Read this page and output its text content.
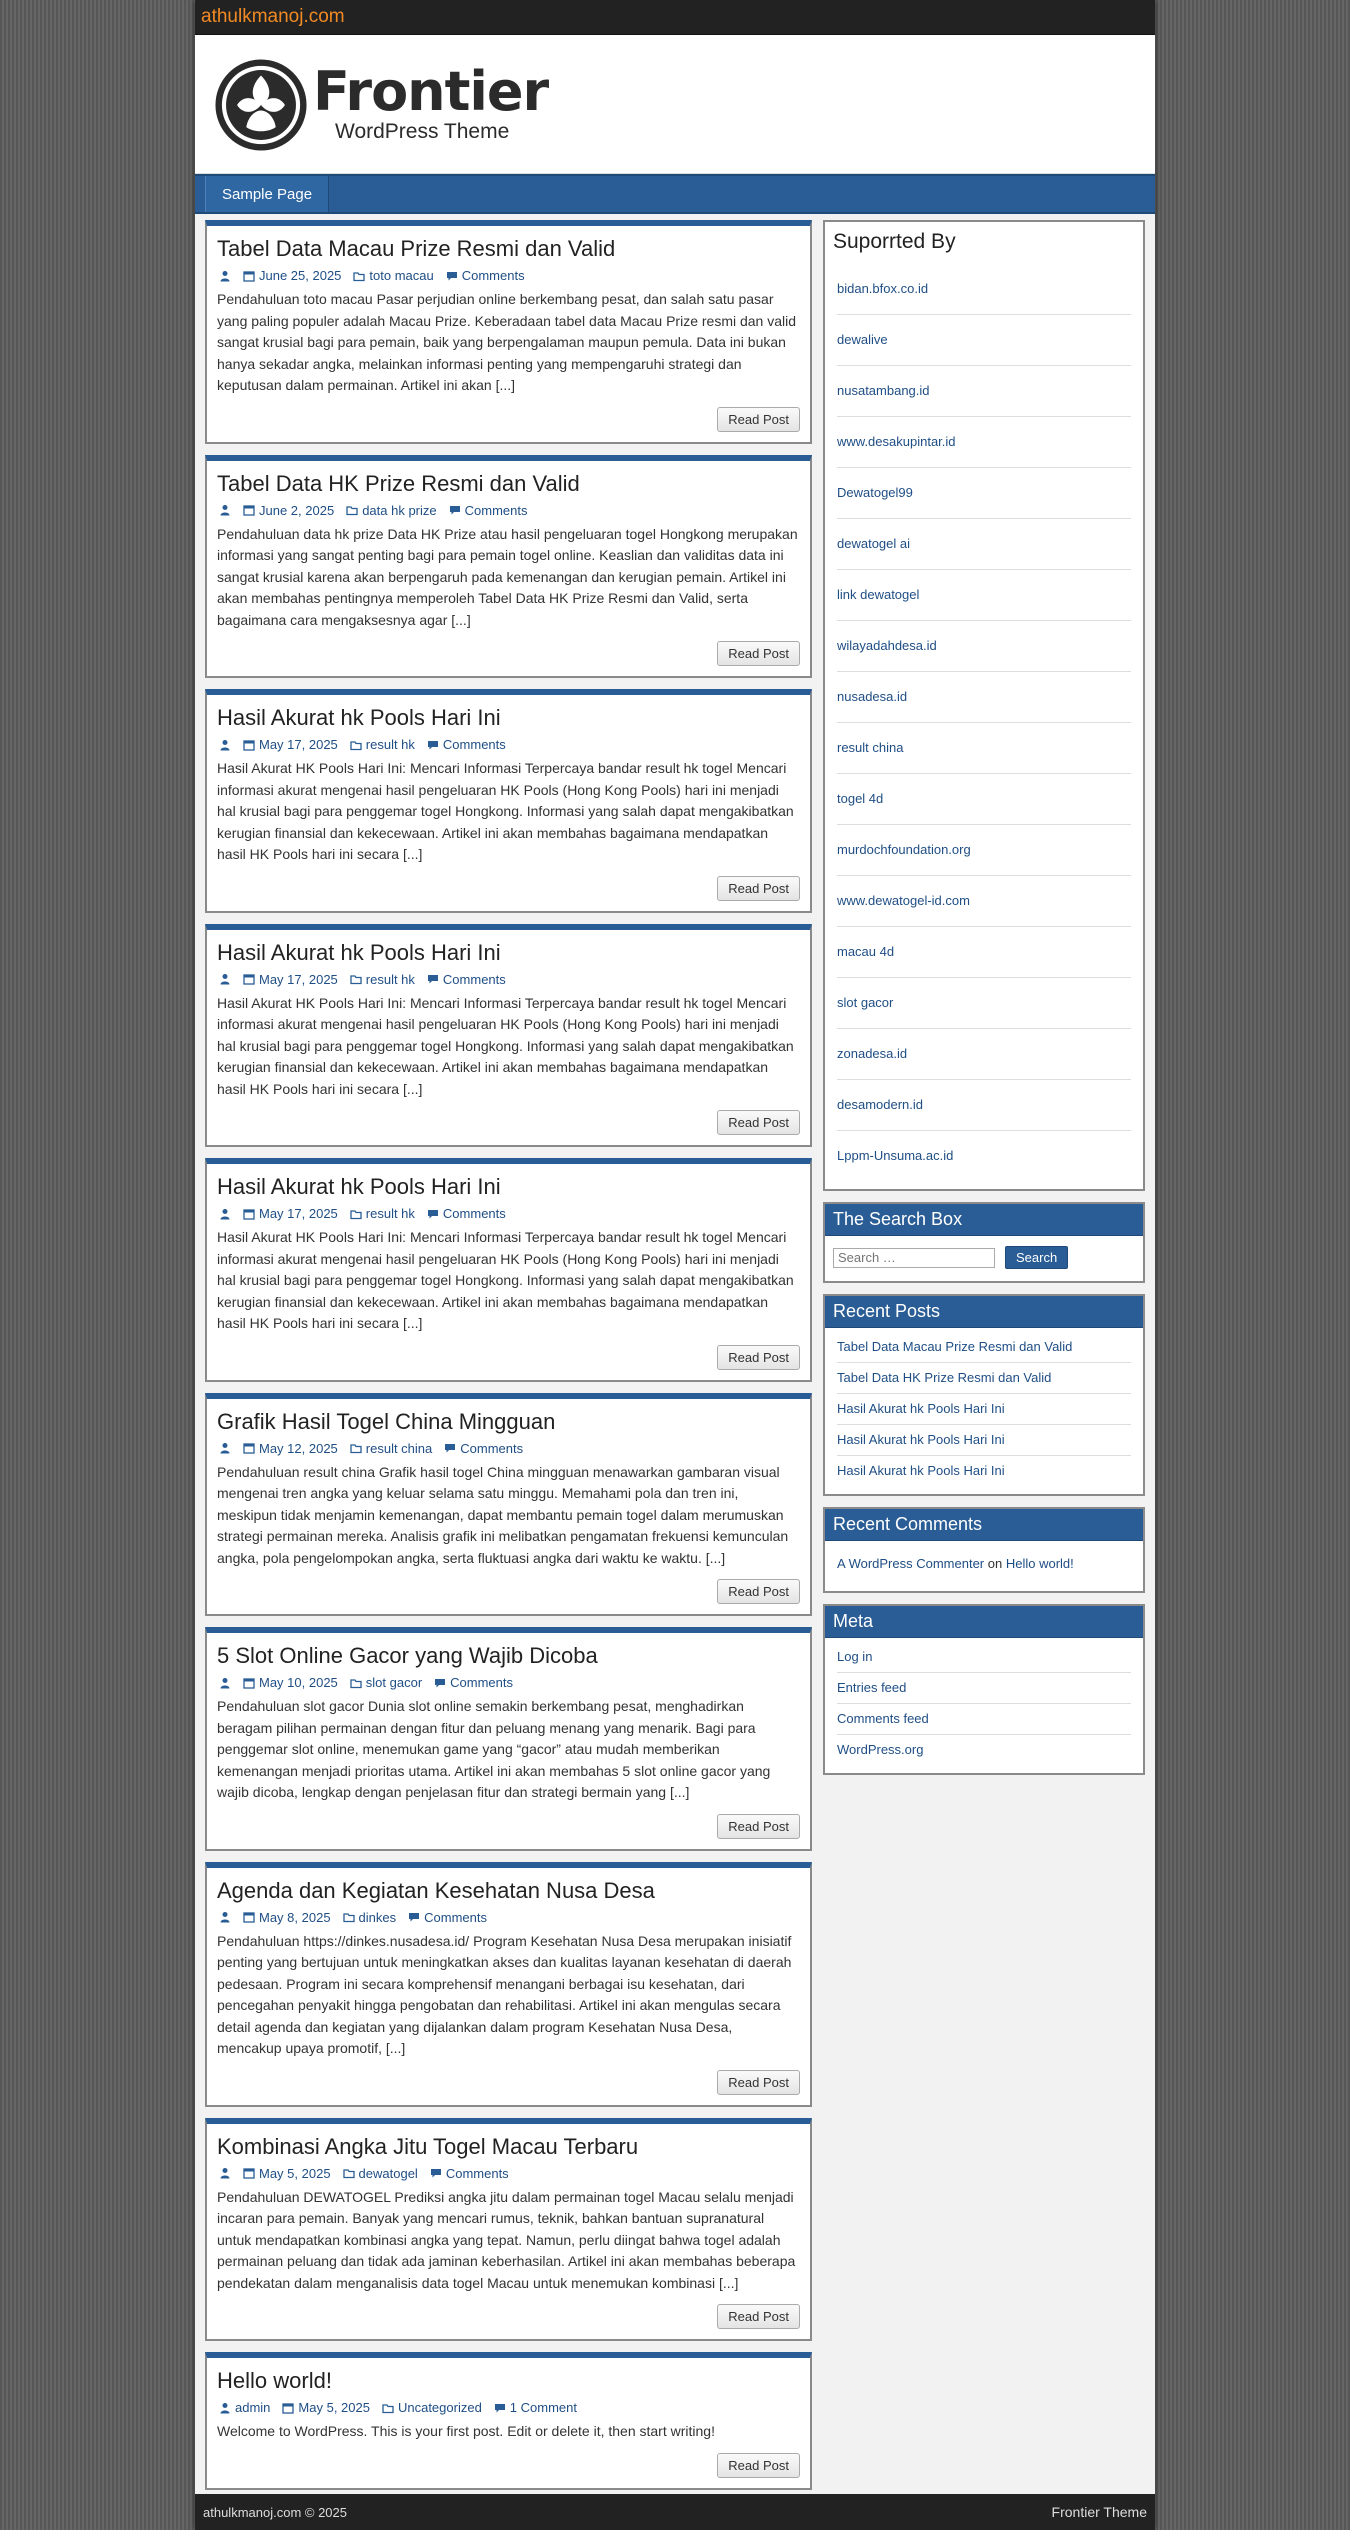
athulkmanoj.com
Frontier
WordPress Theme
Sample Page
Tabel Data Macau Prize Resmi dan Valid
June 25, 2025 toto macau Comments

Pendahuluan toto macau Pasar perjudian online berkembang pesat, dan salah satu pasar yang paling populer adalah Macau Prize. Keberadaan tabel data Macau Prize resmi dan valid sangat krusial bagi para pemain, baik yang berpengalaman maupun pemula. Data ini bukan hanya sekadar angka, melainkan informasi penting yang mempengaruhi strategi dan keputusan dalam permainan. Artikel ini akan [...]

Read Post
Tabel Data HK Prize Resmi dan Valid
June 2, 2025 data hk prize Comments

Pendahuluan data hk prize Data HK Prize atau hasil pengeluaran togel Hongkong merupakan informasi yang sangat penting bagi para pemain togel online. Keaslian dan validitas data ini sangat krusial karena akan berpengaruh pada kemenangan dan kerugian pemain. Artikel ini akan membahas pentingnya memperoleh Tabel Data HK Prize Resmi dan Valid, serta bagaimana cara mengaksesnya agar [...]

Read Post
Hasil Akurat hk Pools Hari Ini
May 17, 2025 result hk Comments

Hasil Akurat HK Pools Hari Ini: Mencari Informasi Terpercaya bandar result hk togel Mencari informasi akurat mengenai hasil pengeluaran HK Pools (Hong Kong Pools) hari ini menjadi hal krusial bagi para penggemar togel Hongkong. Informasi yang salah dapat mengakibatkan kerugian finansial dan kekecewaan. Artikel ini akan membahas bagaimana mendapatkan hasil HK Pools hari ini secara [...]

Read Post
Hasil Akurat hk Pools Hari Ini
May 17, 2025 result hk Comments

Hasil Akurat HK Pools Hari Ini: Mencari Informasi Terpercaya bandar result hk togel Mencari informasi akurat mengenai hasil pengeluaran HK Pools (Hong Kong Pools) hari ini menjadi hal krusial bagi para penggemar togel Hongkong. Informasi yang salah dapat mengakibatkan kerugian finansial dan kekecewaan. Artikel ini akan membahas bagaimana mendapatkan hasil HK Pools hari ini secara [...]

Read Post
Hasil Akurat hk Pools Hari Ini
May 17, 2025 result hk Comments

Hasil Akurat HK Pools Hari Ini: Mencari Informasi Terpercaya bandar result hk togel Mencari informasi akurat mengenai hasil pengeluaran HK Pools (Hong Kong Pools) hari ini menjadi hal krusial bagi para penggemar togel Hongkong. Informasi yang salah dapat mengakibatkan kerugian finansial dan kekecewaan. Artikel ini akan membahas bagaimana mendapatkan hasil HK Pools hari ini secara [...]

Read Post
Grafik Hasil Togel China Mingguan
May 12, 2025 result china Comments

Pendahuluan result china Grafik hasil togel China mingguan menawarkan gambaran visual mengenai tren angka yang keluar selama satu minggu. Memahami pola dan tren ini, meskipun tidak menjamin kemenangan, dapat membantu pemain togel dalam merumuskan strategi permainan mereka. Analisis grafik ini melibatkan pengamatan frekuensi kemunculan angka, pola pengelompokan angka, serta fluktuasi angka dari waktu ke waktu. [...]

Read Post
5 Slot Online Gacor yang Wajib Dicoba
May 10, 2025 slot gacor Comments

Pendahuluan slot gacor Dunia slot online semakin berkembang pesat, menghadirkan beragam pilihan permainan dengan fitur dan peluang menang yang menarik. Bagi para penggemar slot online, menemukan game yang “gacor” atau mudah memberikan kemenangan menjadi prioritas utama. Artikel ini akan membahas 5 slot online gacor yang wajib dicoba, lengkap dengan penjelasan fitur dan strategi bermain yang [...]

Read Post
Agenda dan Kegiatan Kesehatan Nusa Desa
May 8, 2025 dinkes Comments

Pendahuluan https://dinkes.nusadesa.id/ Program Kesehatan Nusa Desa merupakan inisiatif penting yang bertujuan untuk meningkatkan akses dan kualitas layanan kesehatan di daerah pedesaan. Program ini secara komprehensif menangani berbagai isu kesehatan, dari pencegahan penyakit hingga pengobatan dan rehabilitasi. Artikel ini akan mengulas secara detail agenda dan kegiatan yang dijalankan dalam program Kesehatan Nusa Desa, mencakup upaya promotif, [...]

Read Post
Kombinasi Angka Jitu Togel Macau Terbaru
May 5, 2025 dewatogel Comments

Pendahuluan DEWATOGEL Prediksi angka jitu dalam permainan togel Macau selalu menjadi incaran para pemain. Banyak yang mencari rumus, teknik, bahkan bantuan supranatural untuk mendapatkan kombinasi angka yang tepat. Namun, perlu diingat bahwa togel adalah permainan peluang dan tidak ada jaminan keberhasilan. Artikel ini akan membahas beberapa pendekatan dalam menganalisis data togel Macau untuk menemukan kombinasi [...]

Read Post
Hello world!
admin May 5, 2025 Uncategorized 1 Comment

Welcome to WordPress. This is your first post. Edit or delete it, then start writing!

Read Post
Suporrted By
bidan.bfox.co.id
dewalive
nusatambang.id
www.desakupintar.id
Dewatogel99
dewatogel ai
link dewatogel
wilayadahdesa.id
nusadesa.id
result china
togel 4d
murdochfoundation.org
www.dewatogel-id.com
macau 4d
slot gacor
zonadesa.id
desamodern.id
Lppm-Unsuma.ac.id
The Search Box
Search …
Search
Recent Posts
Tabel Data Macau Prize Resmi dan Valid
Tabel Data HK Prize Resmi dan Valid
Hasil Akurat hk Pools Hari Ini
Hasil Akurat hk Pools Hari Ini
Hasil Akurat hk Pools Hari Ini
Recent Comments
A WordPress Commenter on Hello world!
Meta
Log in
Entries feed
Comments feed
WordPress.org
athulkmanoj.com © 2025	Frontier Theme
